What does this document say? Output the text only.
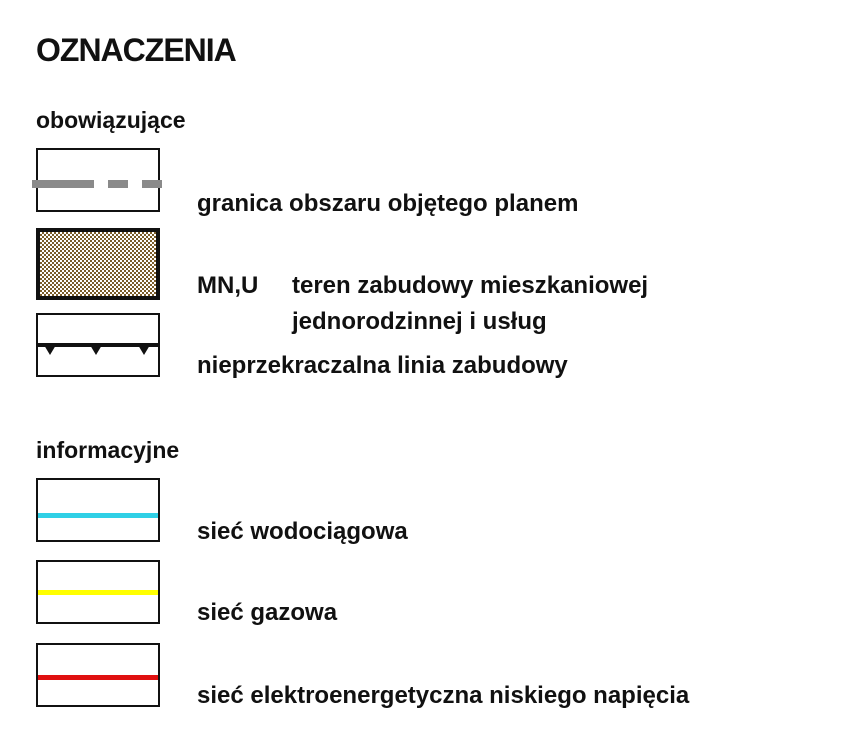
OZNACZENIA
obowiązujące
granica obszaru objętego planem
MN,U teren zabudowy mieszkaniowej
jednorodzinnej i usług
nieprzekraczalna linia zabudowy
informacyjne
sieć wodociągowa
sieć gazowa
sieć elektroenergetyczna niskiego napięcia
